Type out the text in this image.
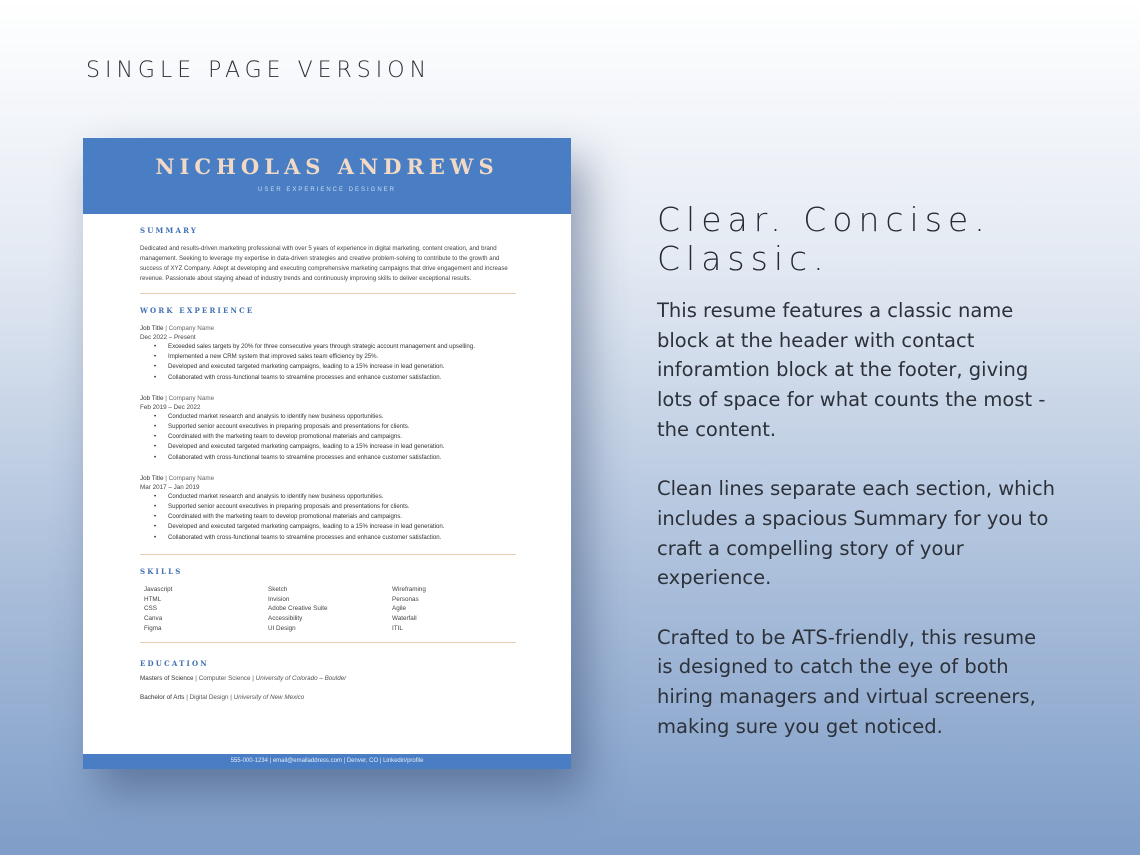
SINGLE PAGE VERSION
NICHOLAS ANDREWS
USER EXPERIENCE DESIGNER
SUMMARY
Dedicated and results-driven marketing professional with over 5 years of experience in digital marketing, content creation, and brand management. Seeking to leverage my expertise in data-driven strategies and creative problem-solving to contribute to the growth and success of XYZ Company. Adept at developing and executing comprehensive marketing campaigns that drive engagement and increase revenue. Passionate about staying ahead of industry trends and continuously improving skills to deliver exceptional results.
WORK EXPERIENCE
Job Title | Company Name
Dec 2022 – Present
• Exceeded sales targets by 20% for three consecutive years through strategic account management and upselling.
• Implemented a new CRM system that improved sales team efficiency by 25%.
• Developed and executed targeted marketing campaigns, leading to a 15% increase in lead generation.
• Collaborated with cross-functional teams to streamline processes and enhance customer satisfaction.
Job Title | Company Name
Feb 2019 – Dec 2022
• Conducted market research and analysis to identify new business opportunities.
• Supported senior account executives in preparing proposals and presentations for clients.
• Coordinated with the marketing team to develop promotional materials and campaigns.
• Developed and executed targeted marketing campaigns, leading to a 15% increase in lead generation.
• Collaborated with cross-functional teams to streamline processes and enhance customer satisfaction.
Job Title | Company Name
Mar 2017 – Jan 2019
• Conducted market research and analysis to identify new business opportunities.
• Supported senior account executives in preparing proposals and presentations for clients.
• Coordinated with the marketing team to develop promotional materials and campaigns.
• Developed and executed targeted marketing campaigns, leading to a 15% increase in lead generation.
• Collaborated with cross-functional teams to streamline processes and enhance customer satisfaction.
SKILLS
Javascript
HTML
CSS
Canva
Figma
Sketch
Invision
Adobe Creative Suite
Accessibility
UI Design
Wireframing
Personas
Agile
Waterfall
ITIL
EDUCATION
Masters of Science | Computer Science | University of Colorado – Boulder
Bachelor of Arts | Digital Design | University of New Mexico
555-000-1234 | email@emailaddress.com | Denver, CO | Linkedin/profile
Clear. Concise. Classic.

This resume features a classic name block at the header with contact inforamtion block at the footer, giving lots of space for what counts the most - the content.

Clean lines separate each section, which includes a spacious Summary for you to craft a compelling story of your experience.

Crafted to be ATS-friendly, this resume is designed to catch the eye of both hiring managers and virtual screeners, making sure you get noticed.
